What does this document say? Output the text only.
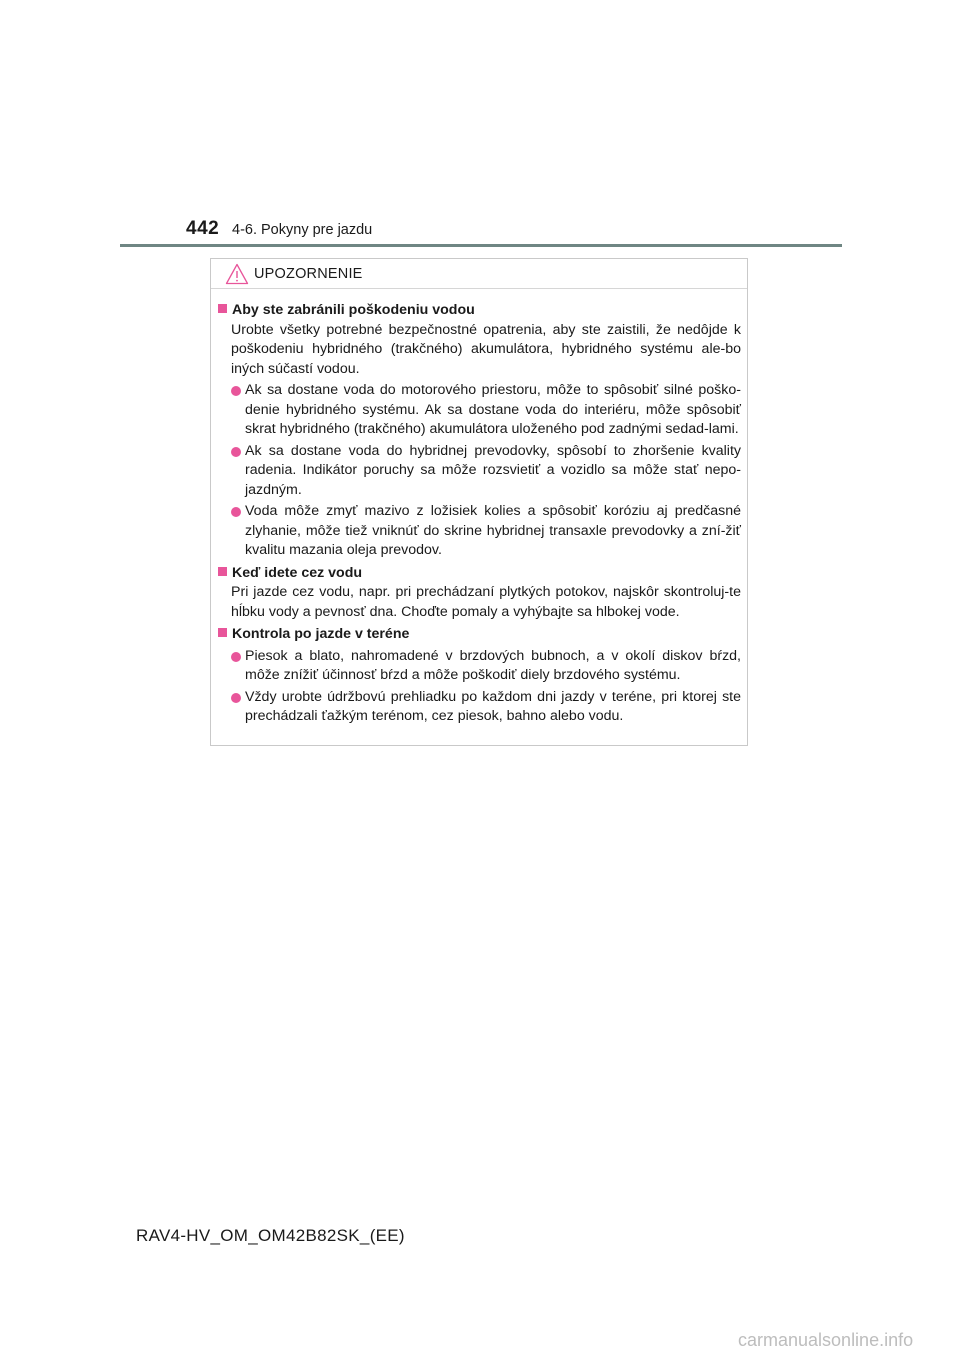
442 4-6. Pokyny pre jazdu
UPOZORNENIE
Aby ste zabránili poškodeniu vodou
Urobte všetky potrebné bezpečnostné opatrenia, aby ste zaistili, že nedôjde k poškodeniu hybridného (trakčného) akumulátora, hybridného systému ale-bo iných súčastí vodou.
Ak sa dostane voda do motorového priestoru, môže to spôsobiť silné poško-denie hybridného systému. Ak sa dostane voda do interiéru, môže spôsobiť skrat hybridného (trakčného) akumulátora uloženého pod zadnými sedad-lami.
Ak sa dostane voda do hybridnej prevodovky, spôsobí to zhoršenie kvality radenia. Indikátor poruchy sa môže rozsvietiť a vozidlo sa môže stať nepo-jazdným.
Voda môže zmyť mazivo z ložisiek kolies a spôsobiť koróziu aj predčasné zlyhanie, môže tiež vniknúť do skrine hybridnej transaxle prevodovky a zní-žiť kvalitu mazania oleja prevodov.
Keď idete cez vodu
Pri jazde cez vodu, napr. pri prechádzaní plytkých potokov, najskôr skontroluj-te hĺbku vody a pevnosť dna. Choďte pomaly a vyhýbajte sa hlbokej vode.
Kontrola po jazde v teréne
Piesok a blato, nahromadené v brzdových bubnoch, a v okolí diskov bŕzd, môže znížiť účinnosť bŕzd a môže poškodiť diely brzdového systému.
Vždy urobte údržbovú prehliadku po každom dni jazdy v teréne, pri ktorej ste prechádzali ťažkým terénom, cez piesok, bahno alebo vodu.
RAV4-HV_OM_OM42B82SK_(EE)
carmanualsonline.info
